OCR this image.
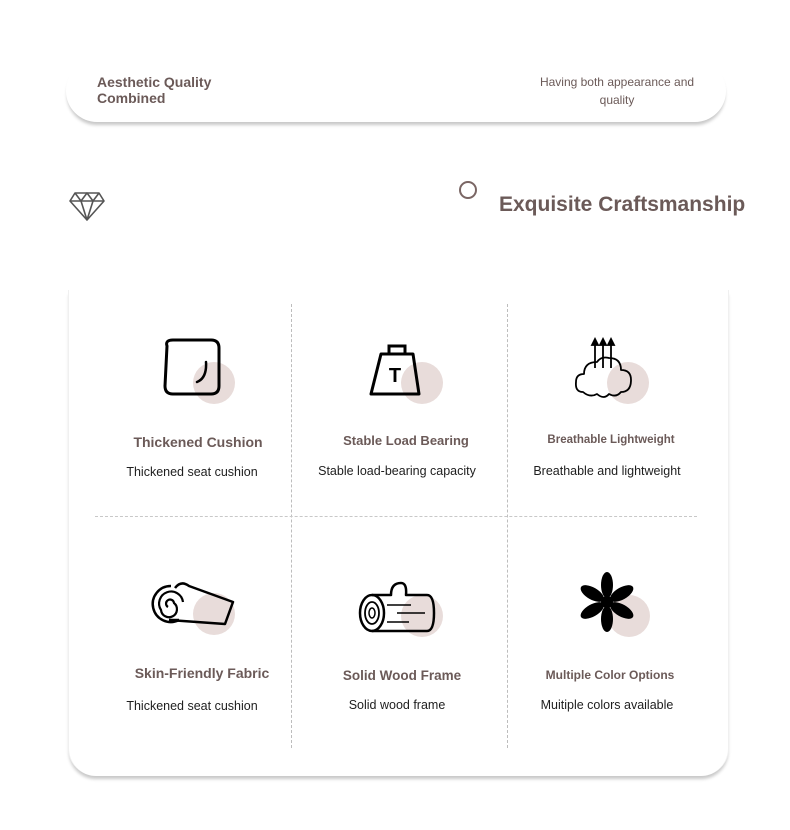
Aesthetic Quality Combined
Having both appearance and quality
Exquisite Craftsmanship
Thickened Cushion
Thickened seat cushion
T
Stable Load Bearing
Stable load-bearing capacity
Breathable Lightweight
Breathable and lightweight
Skin-Friendly Fabric
Thickened seat cushion
Solid Wood Frame
Solid wood frame
Multiple Color Options
Muitiple colors available
